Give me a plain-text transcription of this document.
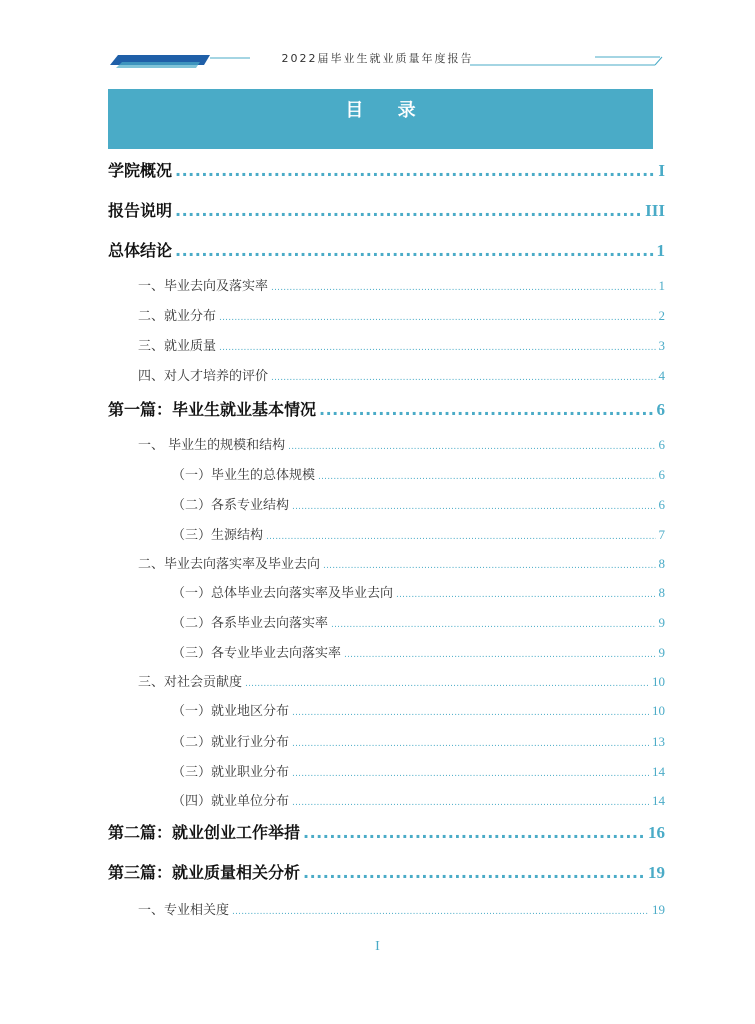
2022届毕业生就业质量年度报告
目 录
学院概况 .....	I
报告说明 .....	III
总体结论 .....	1
一、毕业去向及落实率 .....	1
二、就业分布 .....	2
三、就业质量 .....	3
四、对人才培养的评价 .....	4
第一篇：毕业生就业基本情况 .....	6
一、 毕业生的规模和结构 .....	6
（一）毕业生的总体规模 .....	6
（二）各系专业结构 .....	6
（三）生源结构 .....	7
二、毕业去向落实率及毕业去向 .....	8
（一）总体毕业去向落实率及毕业去向 .....	8
（二）各系毕业去向落实率 .....	9
（三）各专业毕业去向落实率 .....	9
三、对社会贡献度 .....	10
（一）就业地区分布 .....	10
（二）就业行业分布 .....	13
（三）就业职业分布 .....	14
（四）就业单位分布 .....	14
第二篇：就业创业工作举措 .....	16
第三篇：就业质量相关分析 .....	19
一、专业相关度 .....	19
I
